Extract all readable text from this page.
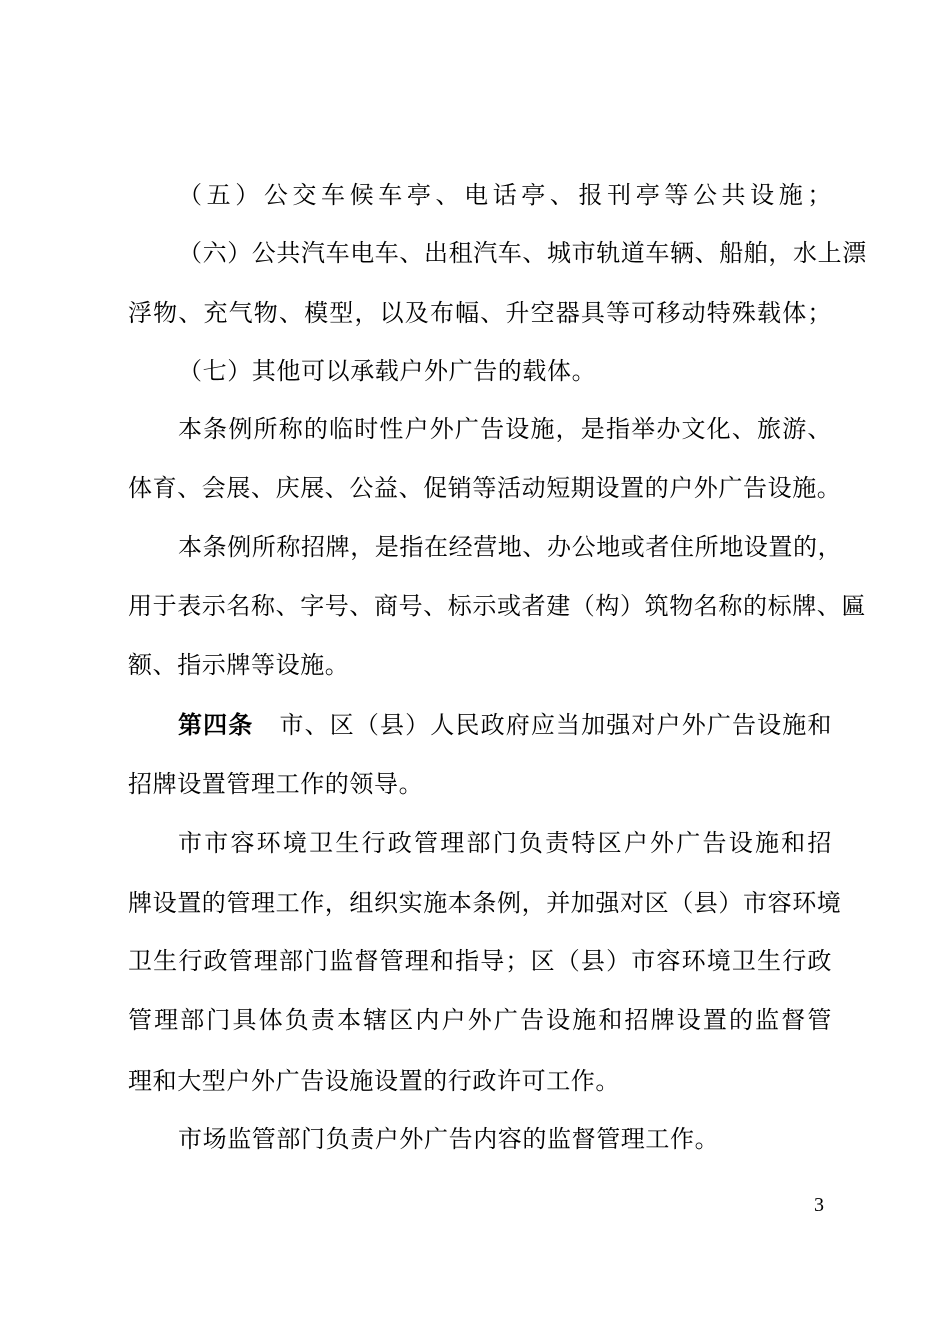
（五）公交车候车亭、电话亭、报刊亭等公共设施；
（六）公共汽车电车、出租汽车、城市轨道车辆、船舶，水上漂
浮物、充气物、模型，以及布幅、升空器具等可移动特殊载体；
（七）其他可以承载户外广告的载体。
本条例所称的临时性户外广告设施，是指举办文化、旅游、
体育、会展、庆展、公益、促销等活动短期设置的户外广告设施。
本条例所称招牌，是指在经营地、办公地或者住所地设置的，
用于表示名称、字号、商号、标示或者建（构）筑物名称的标牌、匾
额、指示牌等设施。
第四条 市、区（县）人民政府应当加强对户外广告设施和
招牌设置管理工作的领导。
市市容环境卫生行政管理部门负责特区户外广告设施和招
牌设置的管理工作，组织实施本条例，并加强对区（县）市容环境
卫生行政管理部门监督管理和指导；区（县）市容环境卫生行政
管理部门具体负责本辖区内户外广告设施和招牌设置的监督管
理和大型户外广告设施设置的行政许可工作。
市场监管部门负责户外广告内容的监督管理工作。
3
